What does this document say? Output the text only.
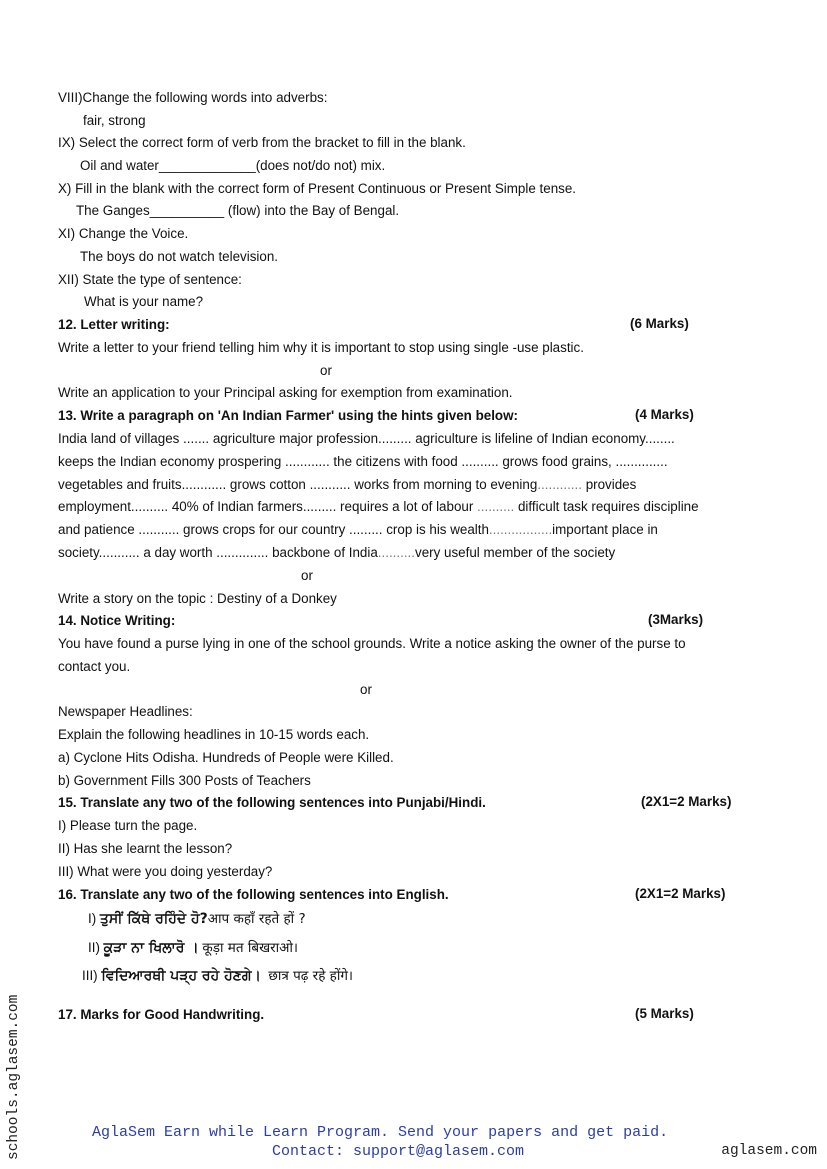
VIII)Change the following words into adverbs:
fair, strong
IX) Select the correct form of verb from the bracket to fill in the blank.
Oil and water_____________(does not/do not) mix.
X) Fill in the blank with the correct form of Present Continuous or Present Simple tense.
The Ganges__________ (flow) into the Bay of Bengal.
XI) Change the Voice.
The boys do not watch television.
XII) State the type of sentence:
What is your name?
12. Letter writing:	(6 Marks)
Write a letter to your friend telling him why it is important to stop using single -use plastic.
or
Write an application to your Principal asking for exemption from examination.
13. Write a paragraph on 'An Indian Farmer' using the hints given below:	(4 Marks)
India land of villages ....... agriculture major profession......... agriculture is lifeline of Indian economy........
keeps the Indian economy prospering ............ the citizens with food .......... grows food grains, ..............
vegetables and fruits............ grows cotton ........... works from morning to evening............ provides
employment.......... 40% of Indian farmers......... requires a lot of labour .......... difficult task requires discipline
and patience ........... grows crops for our country ......... crop is his wealth.................important place in
society........... a day worth .............. backbone of India..........very useful member of the society
or
Write a story on the topic : Destiny of a Donkey
14. Notice Writing:	(3Marks)
You have found a purse lying in one of the school grounds. Write a notice asking the owner of the purse to
contact you.
or
Newspaper Headlines:
Explain the following headlines in 10-15 words each.
a) Cyclone Hits Odisha. Hundreds of People were Killed.
b) Government Fills 300 Posts of Teachers
15. Translate any two of the following sentences into Punjabi/Hindi.	(2X1=2 Marks)
I) Please turn the page.
II) Has she learnt the lesson?
III) What were you doing yesterday?
16. Translate any two of the following sentences into English.	(2X1=2 Marks)
I) ਤੁਸੀਂ ਕਿੱਥੇ ਰਹਿੰਦੇ ਹੋ?आप कहाँ रहते हों ?
II) ਕੂੜਾ ਨਾ ਖਿਲਾਰੋ । कूड़ा मत बिखराओ।
III) ਵਿਦਿਆਰਥੀ ਪੜ੍ਹ ਰਹੇ ਹੋਣਗੇ। छात्र पढ़ रहे होंगे।
17. Marks for Good Handwriting.	(5 Marks)
AglaSem Earn while Learn Program. Send your papers and get paid.
Contact: support@aglasem.com	aglasem.com
schools.aglasem.com
